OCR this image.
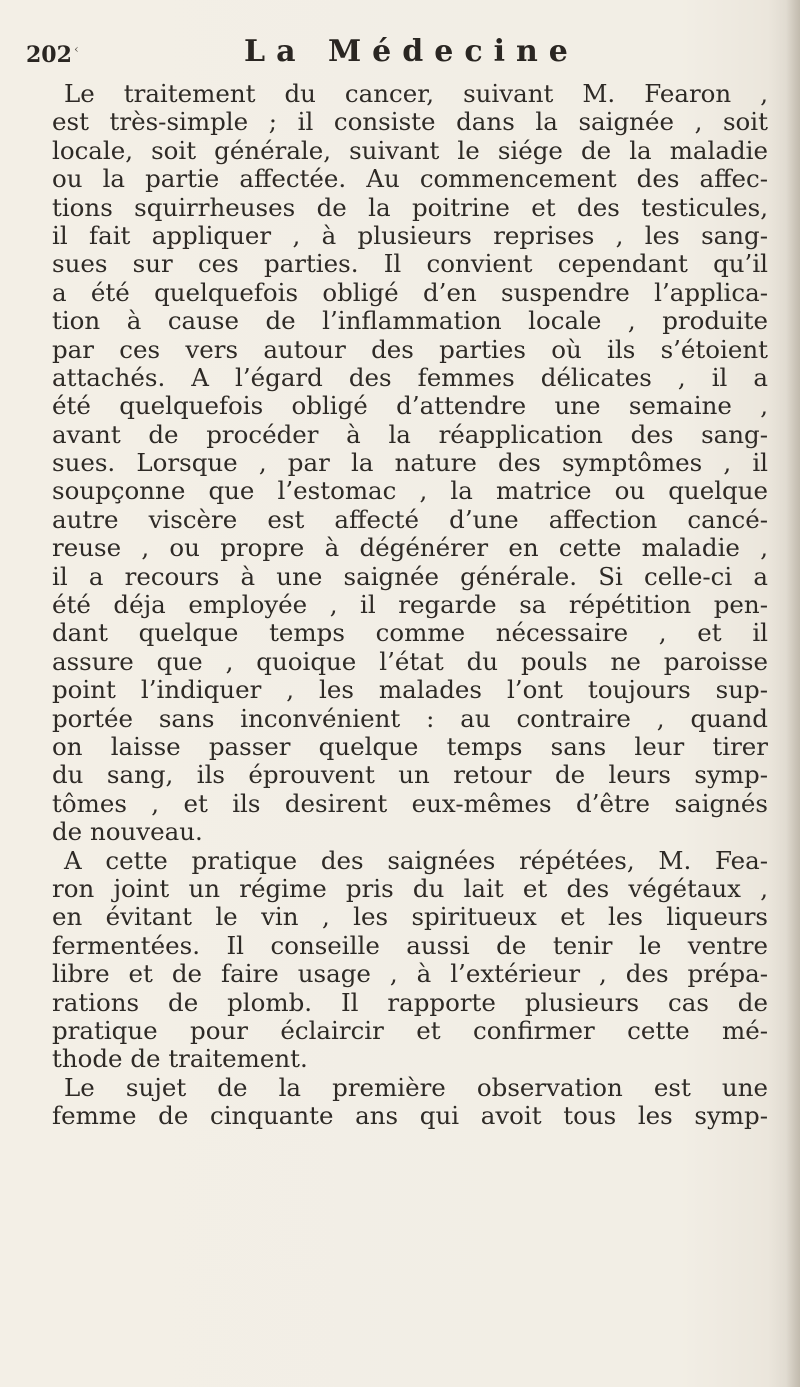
‹
202	La Médecine
Le traitement du cancer, suivant M. Fearon ,
est très-simple ; il consiste dans la saignée , soit
locale, soit générale, suivant le siége de la maladie
ou la partie affectée. Au commencement des affec-
tions squirrheuses de la poitrine et des testicules,
il fait appliquer , à plusieurs reprises , les sang-
sues sur ces parties. Il convient cependant qu’il
a été quelquefois obligé d’en suspendre l’applica-
tion à cause de l’inflammation locale , produite
par ces vers autour des parties où ils s’étoient
attachés. A l’égard des femmes délicates , il a
été quelquefois obligé d’attendre une semaine ,
avant de procéder à la réapplication des sang-
sues. Lorsque , par la nature des symptômes , il
soupçonne que l’estomac , la matrice ou quelque
autre viscère est affecté d’une affection cancé-
reuse , ou propre à dégénérer en cette maladie ,
il a recours à une saignée générale. Si celle-ci a
été déja employée , il regarde sa répétition pen-
dant quelque temps comme nécessaire , et il
assure que , quoique l’état du pouls ne paroisse
point l’indiquer , les malades l’ont toujours sup-
portée sans inconvénient : au contraire , quand
on laisse passer quelque temps sans leur tirer
du sang, ils éprouvent un retour de leurs symp-
tômes , et ils desirent eux-mêmes d’être saignés
de nouveau.
A cette pratique des saignées répétées, M. Fea-
ron joint un régime pris du lait et des végétaux ,
en évitant le vin , les spiritueux et les liqueurs
fermentées. Il conseille aussi de tenir le ventre
libre et de faire usage , à l’extérieur , des prépa-
rations de plomb. Il rapporte plusieurs cas de
pratique pour éclaircir et confirmer cette mé-
thode de traitement.
Le sujet de la première observation est une
femme de cinquante ans qui avoit tous les symp-
